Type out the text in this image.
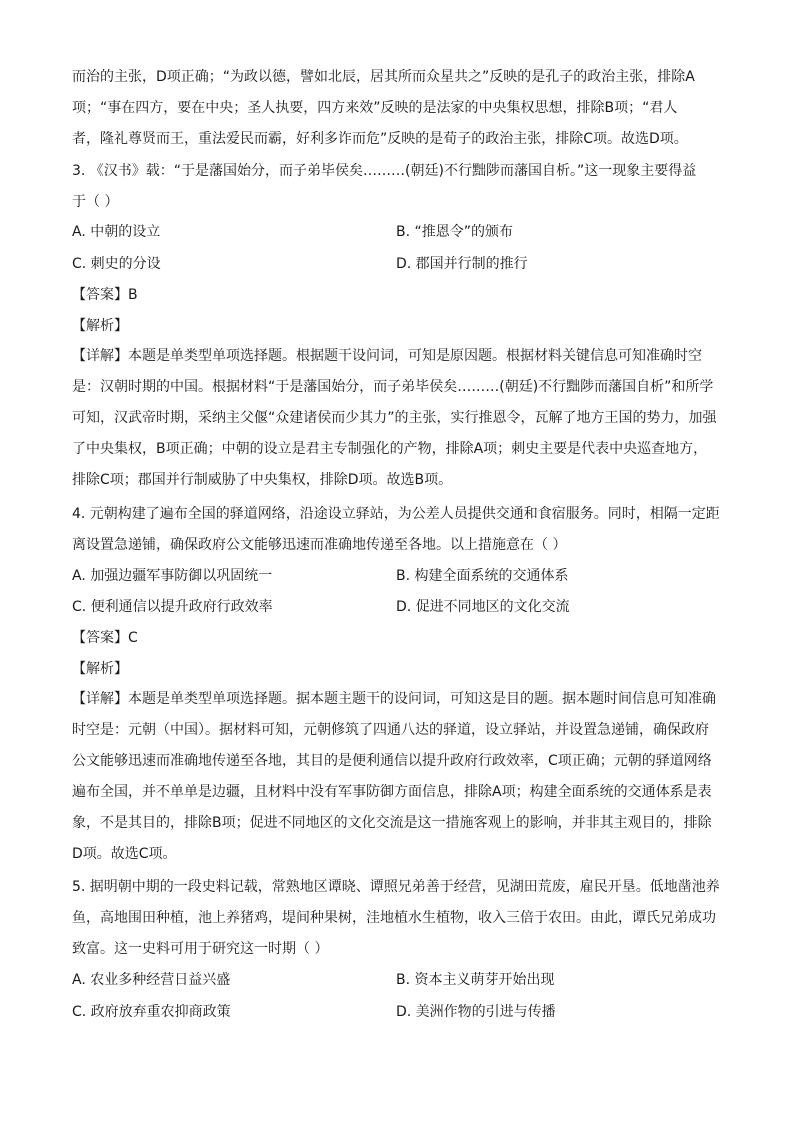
而治的主张，D项正确；“为政以德，譬如北辰，居其所而众星共之”反映的是孔子的政治主张，排除A
项；“事在四方，要在中央；圣人执要，四方来效”反映的是法家的中央集权思想，排除B项；“君人
者，隆礼尊贤而王，重法爱民而霸，好利多诈而危”反映的是荀子的政治主张，排除C项。故选D项。
3. 《汉书》载：“于是藩国始分，而子弟毕侯矣………(朝廷)不行黜陟而藩国自析。”这一现象主要得益
于（ ）
A. 中朝的设立	B. “推恩令”的颁布
C. 刺史的分设	D. 郡国并行制的推行
【答案】B
【解析】
【详解】本题是单类型单项选择题。根据题干设问词，可知是原因题。根据材料关键信息可知准确时空
是：汉朝时期的中国。根据材料“于是藩国始分，而子弟毕侯矣………(朝廷)不行黜陟而藩国自析”和所学
可知，汉武帝时期，采纳主父偃“众建诸侯而少其力”的主张，实行推恩令，瓦解了地方王国的势力，加强
了中央集权，B项正确；中朝的设立是君主专制强化的产物，排除A项；刺史主要是代表中央巡查地方，
排除C项；郡国并行制威胁了中央集权，排除D项。故选B项。
4. 元朝构建了遍布全国的驿道网络，沿途设立驿站，为公差人员提供交通和食宿服务。同时，相隔一定距
离设置急递铺，确保政府公文能够迅速而准确地传递至各地。以上措施意在（ ）
A. 加强边疆军事防御以巩固统一	B. 构建全面系统的交通体系
C. 便利通信以提升政府行政效率	D. 促进不同地区的文化交流
【答案】C
【解析】
【详解】本题是单类型单项选择题。据本题主题干的设问词，可知这是目的题。据本题时间信息可知准确
时空是：元朝（中国）。据材料可知，元朝修筑了四通八达的驿道，设立驿站，并设置急递铺，确保政府
公文能够迅速而准确地传递至各地，其目的是便利通信以提升政府行政效率，C项正确；元朝的驿道网络
遍布全国，并不单单是边疆，且材料中没有军事防御方面信息，排除A项；构建全面系统的交通体系是表
象，不是其目的，排除B项；促进不同地区的文化交流是这一措施客观上的影响，并非其主观目的，排除
D项。故选C项。
5. 据明朝中期的一段史料记载，常熟地区谭晓、谭照兄弟善于经营，见湖田荒废，雇民开垦。低地凿池养
鱼，高地围田种植，池上养猪鸡，堤间种果树，洼地植水生植物，收入三倍于农田。由此，谭氏兄弟成功
致富。这一史料可用于研究这一时期（ ）
A. 农业多种经营日益兴盛	B. 资本主义萌芽开始出现
C. 政府放弃重农抑商政策	D. 美洲作物的引进与传播
